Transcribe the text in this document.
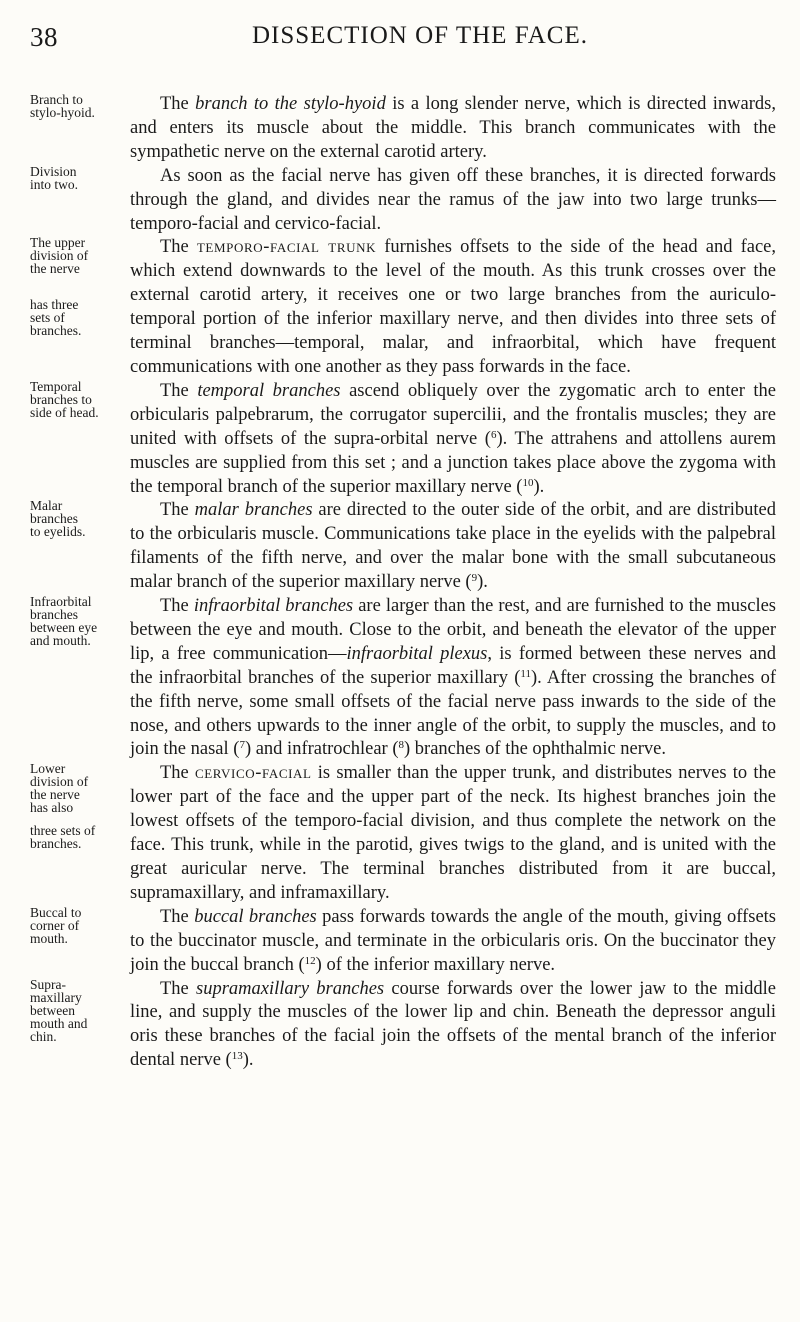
38	DISSECTION OF THE FACE.
Branch to
stylo-hyoid.	The branch to the stylo-hyoid is a long slender nerve, which is directed inwards, and enters its muscle about the middle. This branch communicates with the sympathetic nerve on the external carotid artery.
Division
into two.	As soon as the facial nerve has given off these branches, it is directed forwards through the gland, and divides near the ramus of the jaw into two large trunks—temporo-facial and cervico-facial.
The upper
division of
the nerve
has three
sets of
branches.
The temporo-facial trunk furnishes offsets to the side of the head and face, which extend downwards to the level of the mouth. As this trunk crosses over the external carotid artery, it receives one or two large branches from the auriculo-temporal portion of the inferior maxillary nerve, and then divides into three sets of terminal branches—temporal, malar, and infraorbital, which have frequent communications with one another as they pass forwards in the face.
Temporal
branches to
side of head.
The temporal branches ascend obliquely over the zygomatic arch to enter the orbicularis palpebrarum, the corrugator supercilii, and the frontalis muscles; they are united with offsets of the supra-orbital nerve ($^6$). The attrahens and attollens aurem muscles are supplied from this set ; and a junction takes place above the zygoma with the temporal branch of the superior maxillary nerve ($^{10}$).
Malar
branches
to eyelids.
The malar branches are directed to the outer side of the orbit, and are distributed to the orbicularis muscle. Communications take place in the eyelids with the palpebral filaments of the fifth nerve, and over the malar bone with the small subcutaneous malar branch of the superior maxillary nerve ($^9$).
Infraorbital
branches
between eye
and mouth.
The infraorbital branches are larger than the rest, and are furnished to the muscles between the eye and mouth. Close to the orbit, and beneath the elevator of the upper lip, a free communication—infraorbital plexus, is formed between these nerves and the infraorbital branches of the superior maxillary ($^{11}$). After crossing the branches of the fifth nerve, some small offsets of the facial nerve pass inwards to the side of the nose, and others upwards to the inner angle of the orbit, to supply the muscles, and to join the nasal ($^7$) and infratrochlear ($^8$) branches of the ophthalmic nerve.
Lower
division of
the nerve
has also
three sets of
branches.
The cervico-facial is smaller than the upper trunk, and distributes nerves to the lower part of the face and the upper part of the neck. Its highest branches join the lowest offsets of the temporo-facial division, and thus complete the network on the face. This trunk, while in the parotid, gives twigs to the gland, and is united with the great auricular nerve. The terminal branches distributed from it are buccal, supramaxillary, and inframaxillary.
Buccal to
corner of
mouth.
The buccal branches pass forwards towards the angle of the mouth, giving offsets to the buccinator muscle, and terminate in the orbicularis oris. On the buccinator they join the buccal branch ($^{12}$) of the inferior maxillary nerve.
Supra-
maxillary
between
mouth and
chin.
The supramaxillary branches course forwards over the lower jaw to the middle line, and supply the muscles of the lower lip and chin. Beneath the depressor anguli oris these branches of the facial join the offsets of the mental branch of the inferior dental nerve ($^{13}$).
